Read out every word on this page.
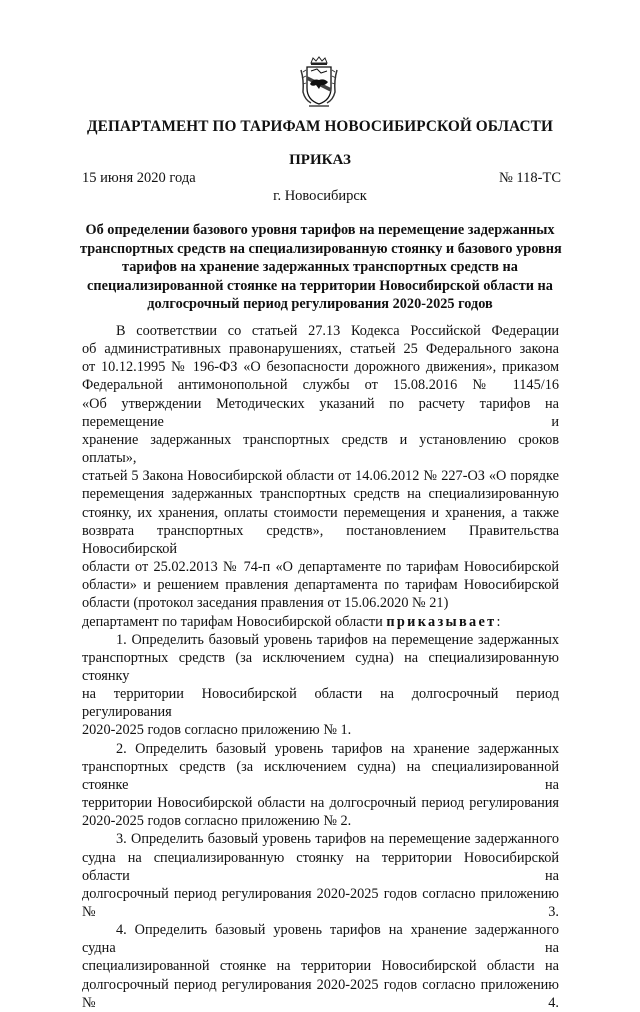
ДЕПАРТАМЕНТ ПО ТАРИФАМ НОВОСИБИРСКОЙ ОБЛАСТИ
ПРИКАЗ
15 июня 2020 года	№ 118-ТС
г. Новосибирск
Об определении базового уровня тарифов на перемещение задержанных
транспортных средств на специализированную стоянку и базового уровня
тарифов на хранение задержанных транспортных средств на
специализированной стоянке на территории Новосибирской области на
долгосрочный период регулирования 2020-2025 годов

В соответствии со статьей 27.13 Кодекса Российской Федерации

об административных правонарушениях, статьей 25 Федерального закона

от 10.12.1995 № 196-ФЗ «О безопасности дорожного движения», приказом

Федеральной антимонопольной службы от 15.08.2016 № 1145/16

«Об утверждении Методических указаний по расчету тарифов на перемещение и

хранение задержанных транспортных средств и установлению сроков оплаты»,

статьей 5 Закона Новосибирской области от 14.06.2012 № 227-ОЗ «О порядке

перемещения задержанных транспортных средств на специализированную

стоянку, их хранения, оплаты стоимости перемещения и хранения, а также

возврата транспортных средств», постановлением Правительства Новосибирской

области от 25.02.2013 № 74-п «О департаменте по тарифам Новосибирской

области» и решением правления департамента по тарифам Новосибирской

области (протокол заседания правления от 15.06.2020 № 21)

департамент по тарифам Новосибирской области приказывает:

1. Определить базовый уровень тарифов на перемещение задержанных

транспортных средств (за исключением судна) на специализированную стоянку

на территории Новосибирской области на долгосрочный период регулирования

2020-2025 годов согласно приложению № 1.

2. Определить базовый уровень тарифов на хранение задержанных

транспортных средств (за исключением судна) на специализированной стоянке на

территории Новосибирской области на долгосрочный период регулирования

2020-2025 годов согласно приложению № 2.

3. Определить базовый уровень тарифов на перемещение задержанного

судна на специализированную стоянку на территории Новосибирской области на

долгосрочный период регулирования 2020-2025 годов согласно приложению № 3.

4. Определить базовый уровень тарифов на хранение задержанного судна на

специализированной стоянке на территории Новосибирской области на

долгосрочный период регулирования 2020-2025 годов согласно приложению № 4.
